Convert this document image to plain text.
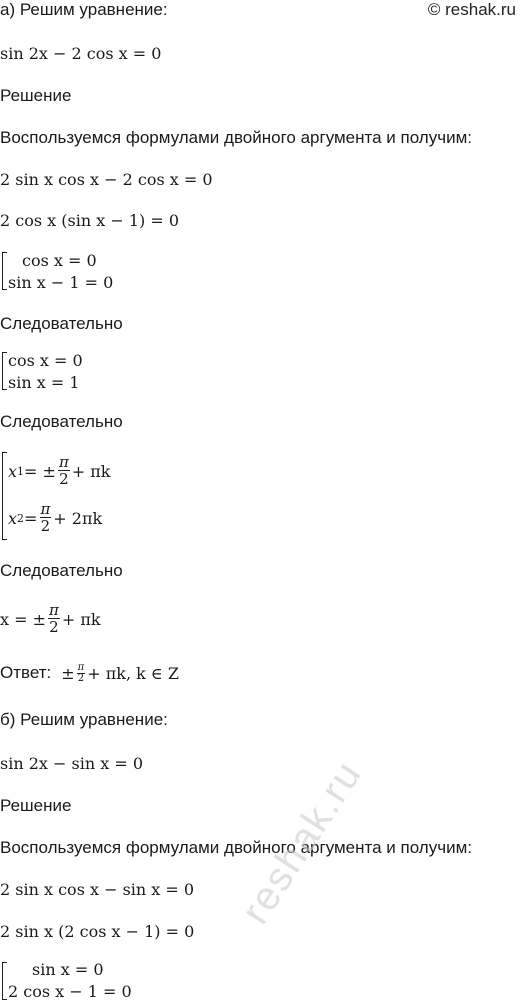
© reshak.ru
а) Решим уравнение:
sin 2x − 2 cos x = 0
Решение
Воспользуемся формулами двойного аргумента и получим:
2 sin x cos x − 2 cos x = 0
2 cos x (sin x − 1) = 0
cos x = 0
sin x − 1 = 0
Следовательно
cos x = 0
sin x = 1
Следовательно
x 1 = ± $\frac{\pi}{2} + \pi k$
x $2 = \frac{\pi}{2} + 2\pi k$
Следовательно
x = ± $\frac{\pi}{2} + \pi k$
Ответ: ± $\frac{\pi}{2} + \pi k$, k ∈ Z
б) Решим уравнение:
sin 2x − sin x = 0
Решение
Воспользуемся формулами двойного аргумента и получим:
2 sin x cos x − sin x = 0
2 sin x (2 cos x − 1) = 0
sin x = 0
2 cos x − 1 = 0
reshak.ru
